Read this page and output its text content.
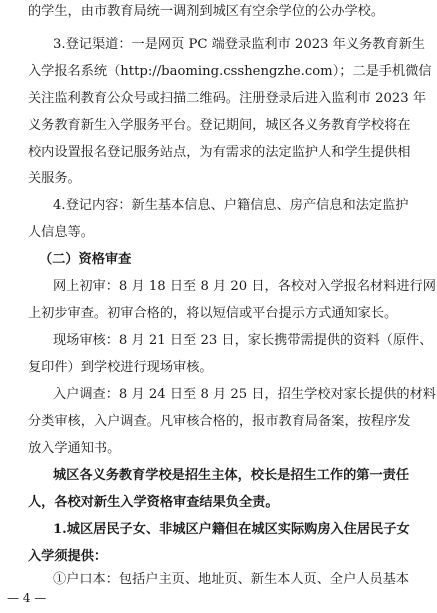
的学生，由市教育局统一调剂到城区有空余学位的公办学校。
3.登记渠道：一是网页 PC 端登录监利市 2023 年义务教育新生
入学报名系统（http://baoming.csshengzhe.com）；二是手机微信
关注监利教育公众号或扫描二维码。注册登录后进入监利市 2023 年
义务教育新生入学服务平台。登记期间，城区各义务教育学校将在
校内设置报名登记服务站点，为有需求的法定监护人和学生提供相
关服务。
4.登记内容：新生基本信息、户籍信息、房产信息和法定监护
人信息等。
（二）资格审查
网上初审：8 月 18 日至 8 月 20 日，各校对入学报名材料进行网
上初步审查。初审合格的，将以短信或平台提示方式通知家长。
现场审核：8 月 21 日至 23 日，家长携带需提供的资料（原件、
复印件）到学校进行现场审核。
入户调查：8 月 24 日至 8 月 25 日，招生学校对家长提供的材料
分类审核，入户调查。凡审核合格的，报市教育局备案，按程序发
放入学通知书。
城区各义务教育学校是招生主体，校长是招生工作的第一责任
人，各校对新生入学资格审查结果负全责。
1.城区居民子女、非城区户籍但在城区实际购房入住居民子女
入学须提供：
①户口本：包括户主页、地址页、新生本人页、全户人员基本
— 4 —
